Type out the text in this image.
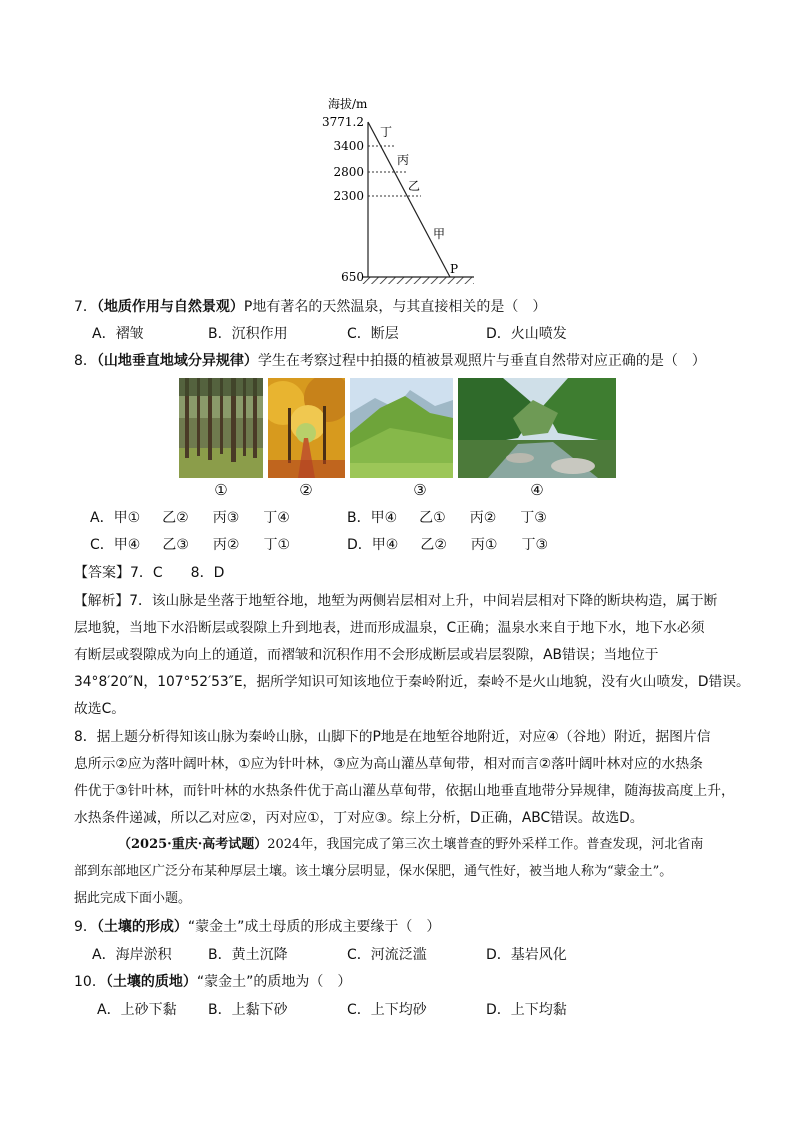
3771.2
3400
2800
2300
650
海拔/m
丁
丙
乙
甲
P
7．（地质作用与自然景观）P地有著名的天然温泉，与其直接相关的是（　）
A．褶皱	B．沉积作用	C．断层	D．火山喷发
8．（山地垂直地域分异规律）学生在考察过程中拍摄的植被景观照片与垂直自然带对应正确的是（　）
①	②	③	④
A．甲① 乙② 丙③ 丁④	B．甲④ 乙① 丙② 丁③
C．甲④ 乙③ 丙② 丁①	D．甲④ 乙② 丙① 丁③
【答案】7．C　　8．D
【解析】7．该山脉是坐落于地堑谷地，地堑为两侧岩层相对上升，中间岩层相对下降的断块构造，属于断
层地貌，当地下水沿断层或裂隙上升到地表，进而形成温泉，C正确；温泉水来自于地下水，地下水必须
有断层或裂隙成为向上的通道，而褶皱和沉积作用不会形成断层或岩层裂隙，AB错误；当地位于
34°8′20″N，107°52′53″E，据所学知识可知该地位于秦岭附近，秦岭不是火山地貌，没有火山喷发，D错误。
故选C。
8．据上题分析得知该山脉为秦岭山脉，山脚下的P地是在地堑谷地附近，对应④（谷地）附近，据图片信
息所示②应为落叶阔叶林，①应为针叶林，③应为高山灌丛草甸带，相对而言②落叶阔叶林对应的水热条
件优于③针叶林，而针叶林的水热条件优于高山灌丛草甸带，依据山地垂直地带分异规律，随海拔高度上升，
水热条件递减，所以乙对应②，丙对应①，丁对应③。综上分析，D正确，ABC错误。故选D。
（2025·重庆·高考试题）2024年，我国完成了第三次土壤普查的野外采样工作。普查发现，河北省南
部到东部地区广泛分布某种厚层土壤。该土壤分层明显，保水保肥，通气性好，被当地人称为“蒙金土”。
据此完成下面小题。
9．（土壤的形成）“蒙金土”成土母质的形成主要缘于（　）
A．海岸淤积	B．黄土沉降	C．河流泛滥	D．基岩风化
10．（土壤的质地）“蒙金土”的质地为（　）
A．上砂下黏 B．上黏下砂	C．上下均砂	D．上下均黏
